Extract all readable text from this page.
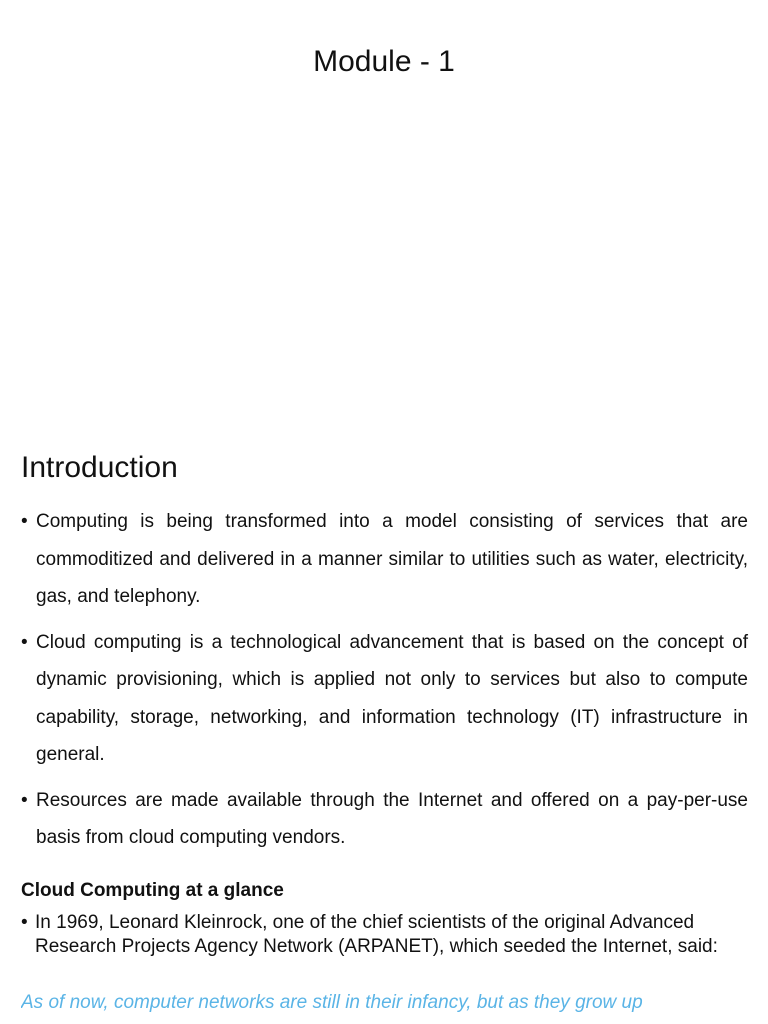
Module - 1
Introduction
• Computing is being transformed into a model consisting of services that are commoditized and delivered in a manner similar to utilities such as water, electricity, gas, and telephony.
• Cloud computing is a technological advancement that is based on the concept of dynamic provisioning, which is applied not only to services but also to compute capability, storage, networking, and information technology (IT) infrastructure in general.
• Resources are made available through the Internet and offered on a pay-per-use basis from cloud computing vendors.
Cloud Computing at a glance

• In 1969, Leonard Kleinrock, one of the chief scientists of the original Advanced Research Projects Agency Network (ARPANET), which seeded the Internet, said:

As of now, computer networks are still in their infancy, but as they grow up
